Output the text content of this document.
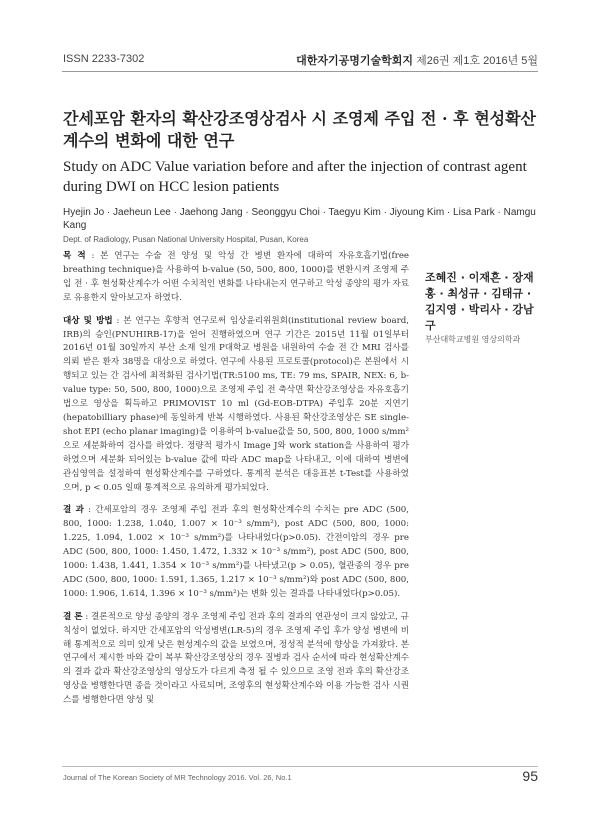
ISSN 2233-7302	대한자기공명기술학회지 제26권 제1호 2016년 5월
간세포암 환자의 확산강조영상검사 시 조영제 주입 전 · 후 현성확산계수의 변화에 대한 연구
Study on ADC Value variation before and after the injection of contrast agent during DWI on HCC lesion patients
Hyejin Jo · Jaeheun Lee · Jaehong Jang · Seonggyu Choi · Taegyu Kim · Jiyoung Kim · Lisa Park · Namgu Kang
Dept. of Radiology, Pusan National University Hospital, Pusan, Korea

목 적 : 본 연구는 수술 전 양성 및 악성 간 병변 환자에 대하여 자유호흡기법(free breathing technique)을 사용하여 b-value (50, 500, 800, 1000)를 변환시켜 조영제 주입 전 · 후 현성확산계수가 어떤 수치적인 변화를 나타내는지 연구하고 악성 종양의 평가 자료로 유용한지 알아보고자 하였다.

대상 및 방법 : 본 연구는 후향적 연구로써 임상윤리위원회(institutional review board, IRB)의 승인(PNUHIRB-17)을 얻어 진행하였으며 연구 기간은 2015년 11월 01일부터 2016년 01월 30일까지 부산 소재 일개 P대학교 병원을 내원하여 수술 전 간 MRI 검사를 의뢰 받은 환자 38명을 대상으로 하였다. 연구에 사용된 프로토콜(protocol)은 본원에서 시행되고 있는 간 검사에 최적화된 검사기법(TR:5100 ms, TE: 79 ms, SPAIR, NEX: 6, b-value type: 50, 500, 800, 1000)으로 조영제 주입 전 축삭면 확산강조영상을 자유호흡기법으로 영상을 획득하고 PRIMOVIST 10 ml (Gd-EOB-DTPA) 주입후 20분 지연기(hepatobilliary phase)에 동일하게 반복 시행하였다. 사용된 확산강조영상은 SE single-shot EPI (echo planar imaging)을 이용하여 b-value값을 50, 500, 800, 1000 s/mm² 으로 세분화하여 검사를 하였다. 정량적 평가시 Image J와 work station을 사용하여 평가 하였으며 세분화 되어있는 b-value 값에 따라 ADC map을 나타내고, 이에 대하여 병변에 관심영역을 설정하여 현성확산계수를 구하였다. 통계적 분석은 대응표본 t-Test를 사용하였으며, p < 0.05 일때 통계적으로 유의하게 평가되었다.

결 과 : 간세포암의 경우 조영제 주입 전과 후의 현성확산계수의 수치는 pre ADC (500, 800, 1000: 1.238, 1.040, 1.007 × 10⁻³ s/mm²), post ADC (500, 800, 1000: 1.225, 1.094, 1.002 × 10⁻³ s/mm²)를 나타내었다(p>0.05). 간전이암의 경우 pre ADC (500, 800, 1000: 1.450, 1.472, 1.332 × 10⁻³ s/mm²), post ADC (500, 800, 1000: 1.438, 1.441, 1.354 × 10⁻³ s/mm²)를 나타냈고(p > 0.05), 혈관종의 경우 pre ADC (500, 800, 1000: 1.591, 1.365, 1.217 × 10⁻³ s/mm²)와 post ADC (500, 800, 1000: 1.906, 1.614, 1.396 × 10⁻³ s/mm²)는 변화 있는 결과를 나타내었다(p>0.05).

결 론 : 결론적으로 양성 종양의 경우 조영제 주입 전과 후의 결과의 연관성이 크지 않았고, 규칙성이 없었다. 하지만 간세포암의 악성병변(LR-5)의 경우 조영제 주입 후가 양성 병변에 비해 통계적으로 의미 있게 낮은 현성계수의 값을 보였으며, 정성적 분석에 향상을 가져왔다. 본 연구에서 제시한 바와 같이 복부 확산강조영상의 경우 질병과 검사 순서에 따라 현성확산계수의 결과 값과 확산강조영상의 영상도가 다르게 측정 될 수 있으므로 조영 전과 후의 확산강조영상을 병행한다면 종을 것이라고 사료되며, 조영후의 현성확산계수와 이용 가능한 검사 시퀀스를 병행한다면 양성 및

조혜진 · 이재흔 · 장재홍 · 최성규 · 김태규 · 김지영 · 박리사 · 강남구
부산대학교병원 영상의학과
Journal of The Korean Society of MR Technology 2016. Vol. 26, No.1	95
